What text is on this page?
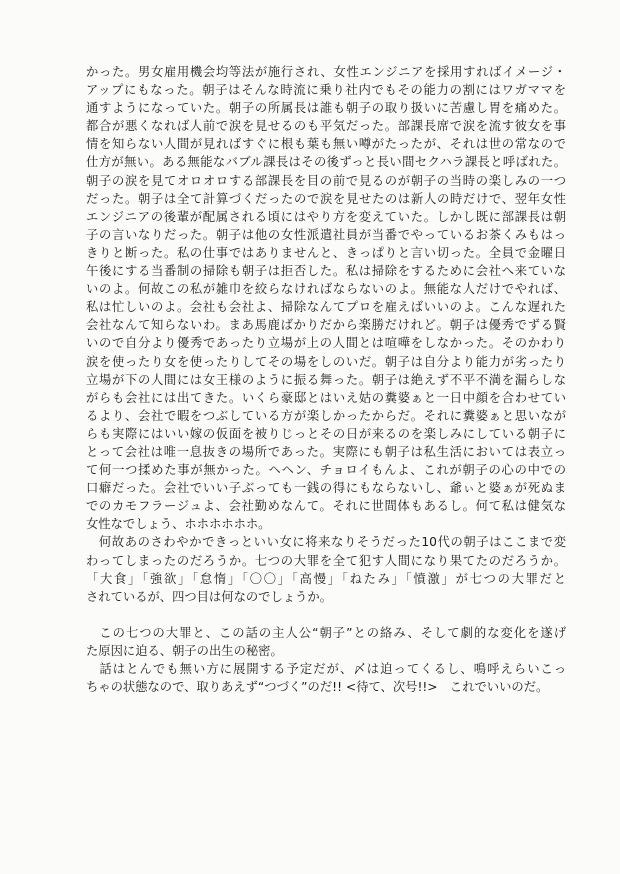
かった。男女雇用機会均等法が施行され、女性エンジニアを採用すればイメージ・
アップにもなった。朝子はそんな時流に乗り社内でもその能力の割にはワガママを
通すようになっていた。朝子の所属長は誰も朝子の取り扱いに苦慮し胃を痛めた。
都合が悪くなれば人前で涙を見せるのも平気だった。部課長席で涙を流す彼女を事
情を知らない人間が見ればすぐに根も葉も無い噂がたったが、それは世の常なので
仕方が無い。ある無能なバブル課長はその後ずっと長い間セクハラ課長と呼ばれた。
朝子の涙を見てオロオロする部課長を目の前で見るのが朝子の当時の楽しみの一つ
だった。朝子は全て計算づくだったので涙を見せたのは新人の時だけで、翌年女性
エンジニアの後輩が配属される頃にはやり方を変えていた。しかし既に部課長は朝
子の言いなりだった。朝子は他の女性派遣社員が当番でやっているお茶くみもはっ
きりと断った。私の仕事ではありませんと、きっぱりと言い切った。全員で金曜日
午後にする当番制の掃除も朝子は拒否した。私は掃除をするために会社へ来ていな
いのよ。何故この私が雑巾を絞らなければならないのよ。無能な人だけでやれば、
私は忙しいのよ。会社も会社よ、掃除なんてプロを雇えばいいのよ。こんな遅れた
会社なんて知らないわ。まあ馬鹿ばかりだから楽勝だけれど。朝子は優秀でずる賢
いので自分より優秀であったり立場が上の人間とは喧嘩をしなかった。そのかわり
涙を使ったり女を使ったりしてその場をしのいだ。朝子は自分より能力が劣ったり
立場が下の人間には女王様のように振る舞った。朝子は絶えず不平不満を漏らしな
がらも会社には出てきた。いくら豪邸とはいえ姑の糞婆ぁと一日中顔を合わせてい
るより、会社で暇をつぶしている方が楽しかったからだ。それに糞婆ぁと思いなが
らも実際にはいい嫁の仮面を被りじっとその日が来るのを楽しみにしている朝子に
とって会社は唯一息抜きの場所であった。実際にも朝子は私生活においては表立っ
て何一つ揉めた事が無かった。ヘヘン、チョロイもんよ、これが朝子の心の中での
口癖だった。会社でいい子ぶっても一銭の得にもならないし、爺ぃと婆ぁが死ぬま
でのカモフラージュよ、会社勤めなんて。それに世間体もあるし。何て私は健気な
女性なでしょう、ホホホホホホ。
　何故あのさわやかできっといい女に将来なりそうだった10代の朝子はここまで変
わってしまったのだろうか。七つの大罪を全て犯す人間になり果てたのだろうか。
「大食」「強欲」「怠惰」「〇〇」「高慢」「ねたみ」「憤激」が七つの大罪だと
されているが、四つ目は何なのでしょうか。
　この七つの大罪と、この話の主人公“朝子”との絡み、そして劇的な変化を遂げ
た原因に迫る、朝子の出生の秘密。
　話はとんでも無い方に展開する予定だが、〆は迫ってくるし、鳴呼えらいこっ
ちゃの状態なので、取りあえず“つづく”のだ!! <待て、次号!!>　これでいいのだ。
